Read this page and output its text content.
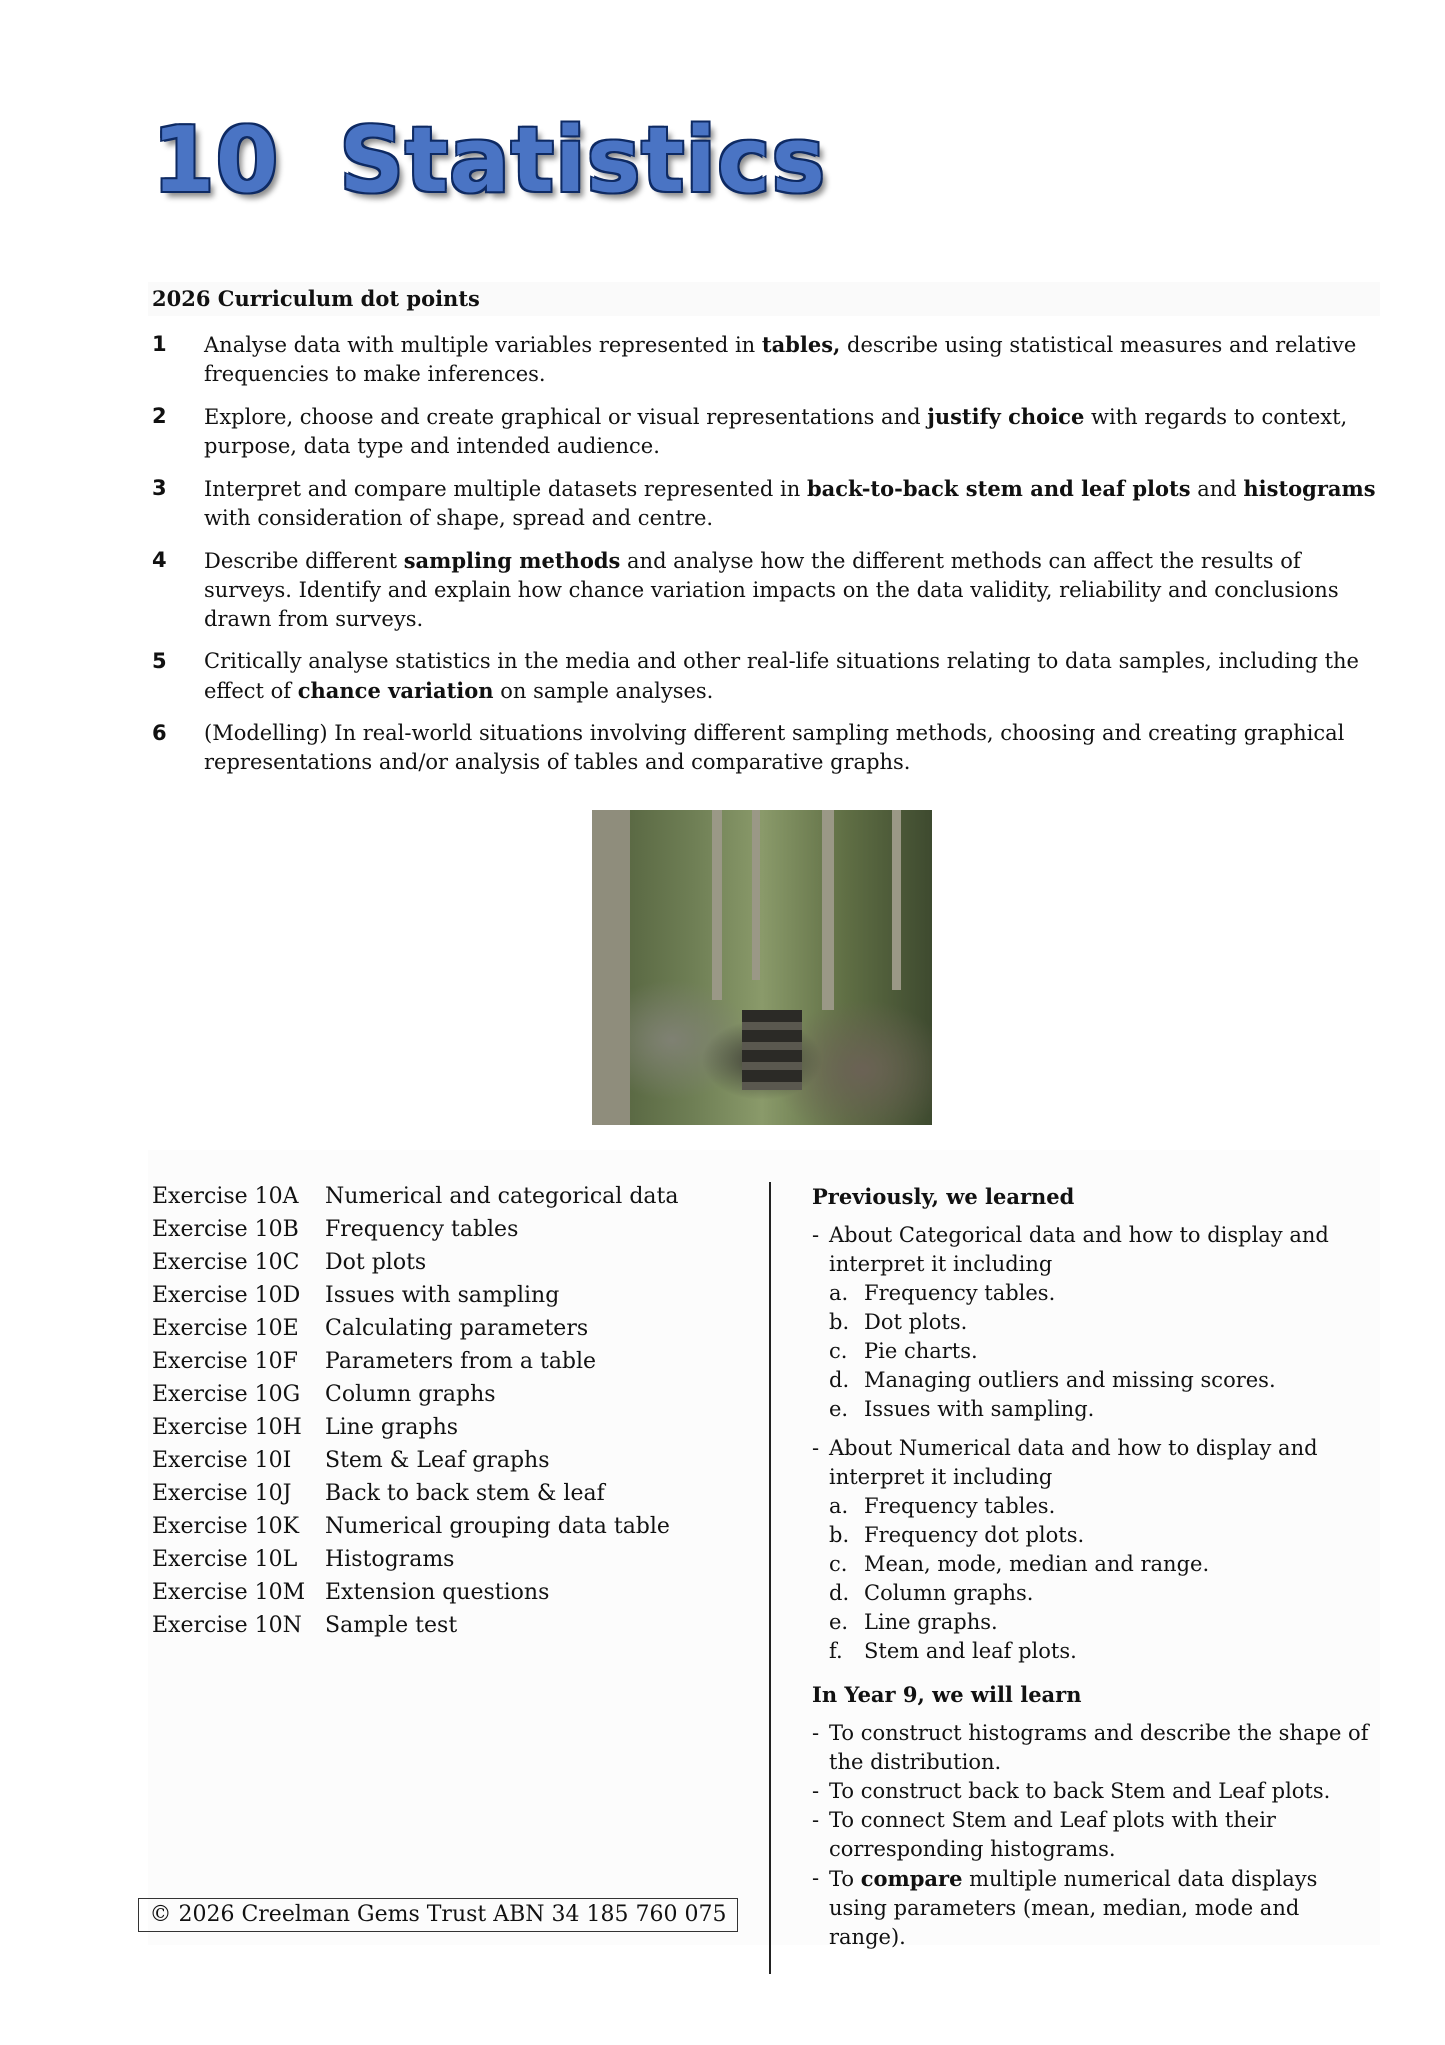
10 Statistics
2026 Curriculum dot points
1	Analyse data with multiple variables represented in tables, describe using statistical measures and relative frequencies to make inferences.
2	Explore, choose and create graphical or visual representations and justify choice with regards to context, purpose, data type and intended audience.
3	Interpret and compare multiple datasets represented in back-to-back stem and leaf plots and histograms with consideration of shape, spread and centre.
4	Describe different sampling methods and analyse how the different methods can affect the results of surveys. Identify and explain how chance variation impacts on the data validity, reliability and conclusions drawn from surveys.
5	Critically analyse statistics in the media and other real-life situations relating to data samples, including the effect of chance variation on sample analyses.
6	(Modelling) In real-world situations involving different sampling methods, choosing and creating graphical representations and/or analysis of tables and comparative graphs.
Exercise 10A	Numerical and categorical data
Exercise 10B	Frequency tables
Exercise 10C	Dot plots
Exercise 10D	Issues with sampling
Exercise 10E	Calculating parameters
Exercise 10F	Parameters from a table
Exercise 10G	Column graphs
Exercise 10H	Line graphs
Exercise 10I	Stem & Leaf graphs
Exercise 10J	Back to back stem & leaf
Exercise 10K	Numerical grouping data table
Exercise 10L	Histograms
Exercise 10M Extension questions
Exercise 10N	Sample test
Previously, we learned
- About Categorical data and how to display and interpret it including
a. Frequency tables.
b. Dot plots.
c. Pie charts.
d. Managing outliers and missing scores.
e. Issues with sampling.
- About Numerical data and how to display and interpret it including
a. Frequency tables.
b. Frequency dot plots.
c. Mean, mode, median and range.
d. Column graphs.
e. Line graphs.
f.	Stem and leaf plots.
In Year 9, we will learn
- To construct histograms and describe the shape of the distribution.
- To construct back to back Stem and Leaf plots.
- To connect Stem and Leaf plots with their corresponding histograms.
- To compare multiple numerical data displays using parameters (mean, median, mode and range).
© 2026 Creelman Gems Trust ABN 34 185 760 075
